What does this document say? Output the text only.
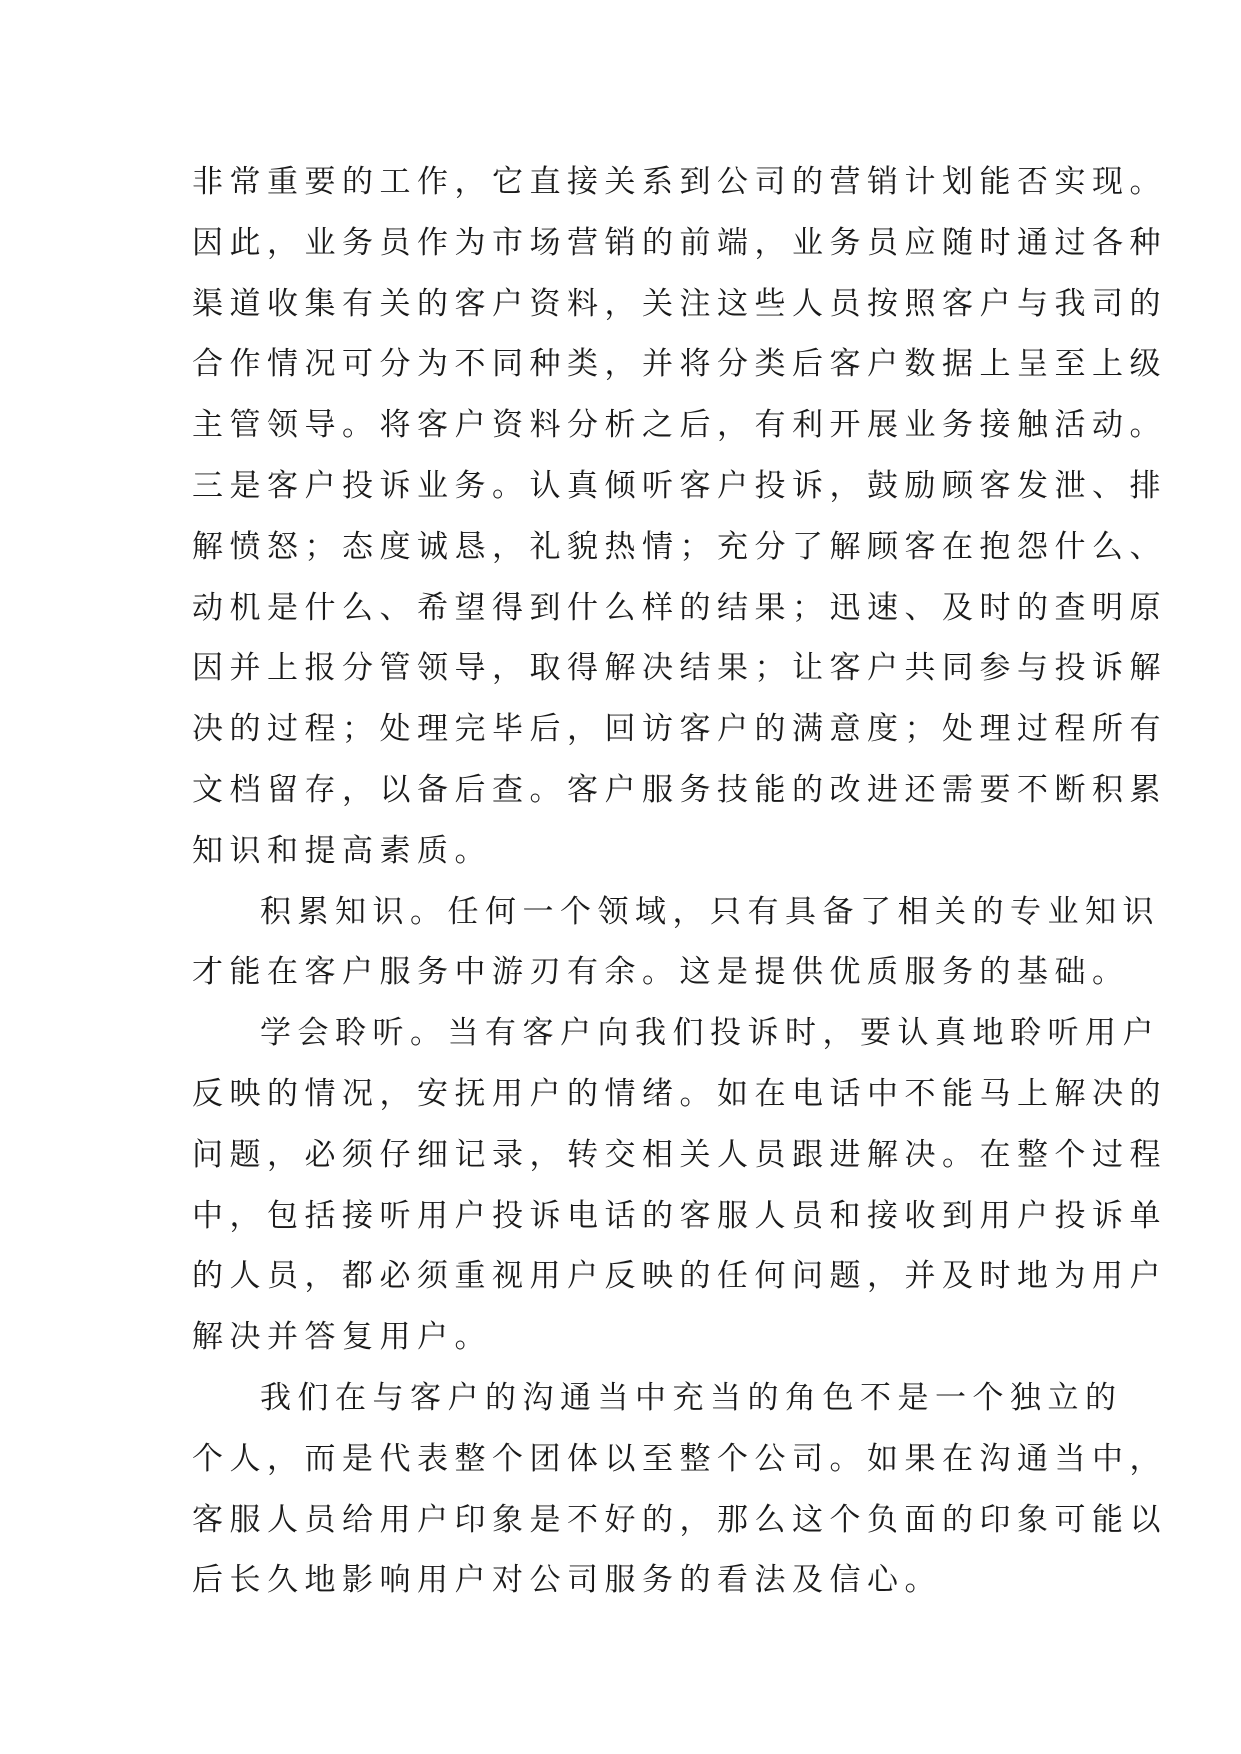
非常重要的工作，它直接关系到公司的营销计划能否实现。
因此，业务员作为市场营销的前端，业务员应随时通过各种
渠道收集有关的客户资料，关注这些人员按照客户与我司的
合作情况可分为不同种类，并将分类后客户数据上呈至上级
主管领导。将客户资料分析之后，有利开展业务接触活动。
三是客户投诉业务。认真倾听客户投诉，鼓励顾客发泄、排
解愤怒；态度诚恳，礼貌热情；充分了解顾客在抱怨什么、
动机是什么、希望得到什么样的结果；迅速、及时的查明原
因并上报分管领导，取得解决结果；让客户共同参与投诉解
决的过程；处理完毕后，回访客户的满意度；处理过程所有
文档留存，以备后查。客户服务技能的改进还需要不断积累
知识和提高素质。
积累知识。任何一个领域，只有具备了相关的专业知识
才能在客户服务中游刃有余。这是提供优质服务的基础。
学会聆听。当有客户向我们投诉时，要认真地聆听用户
反映的情况，安抚用户的情绪。如在电话中不能马上解决的
问题，必须仔细记录，转交相关人员跟进解决。在整个过程
中，包括接听用户投诉电话的客服人员和接收到用户投诉单
的人员，都必须重视用户反映的任何问题，并及时地为用户
解决并答复用户。
我们在与客户的沟通当中充当的角色不是一个独立的
个人，而是代表整个团体以至整个公司。如果在沟通当中，
客服人员给用户印象是不好的，那么这个负面的印象可能以
后长久地影响用户对公司服务的看法及信心。
